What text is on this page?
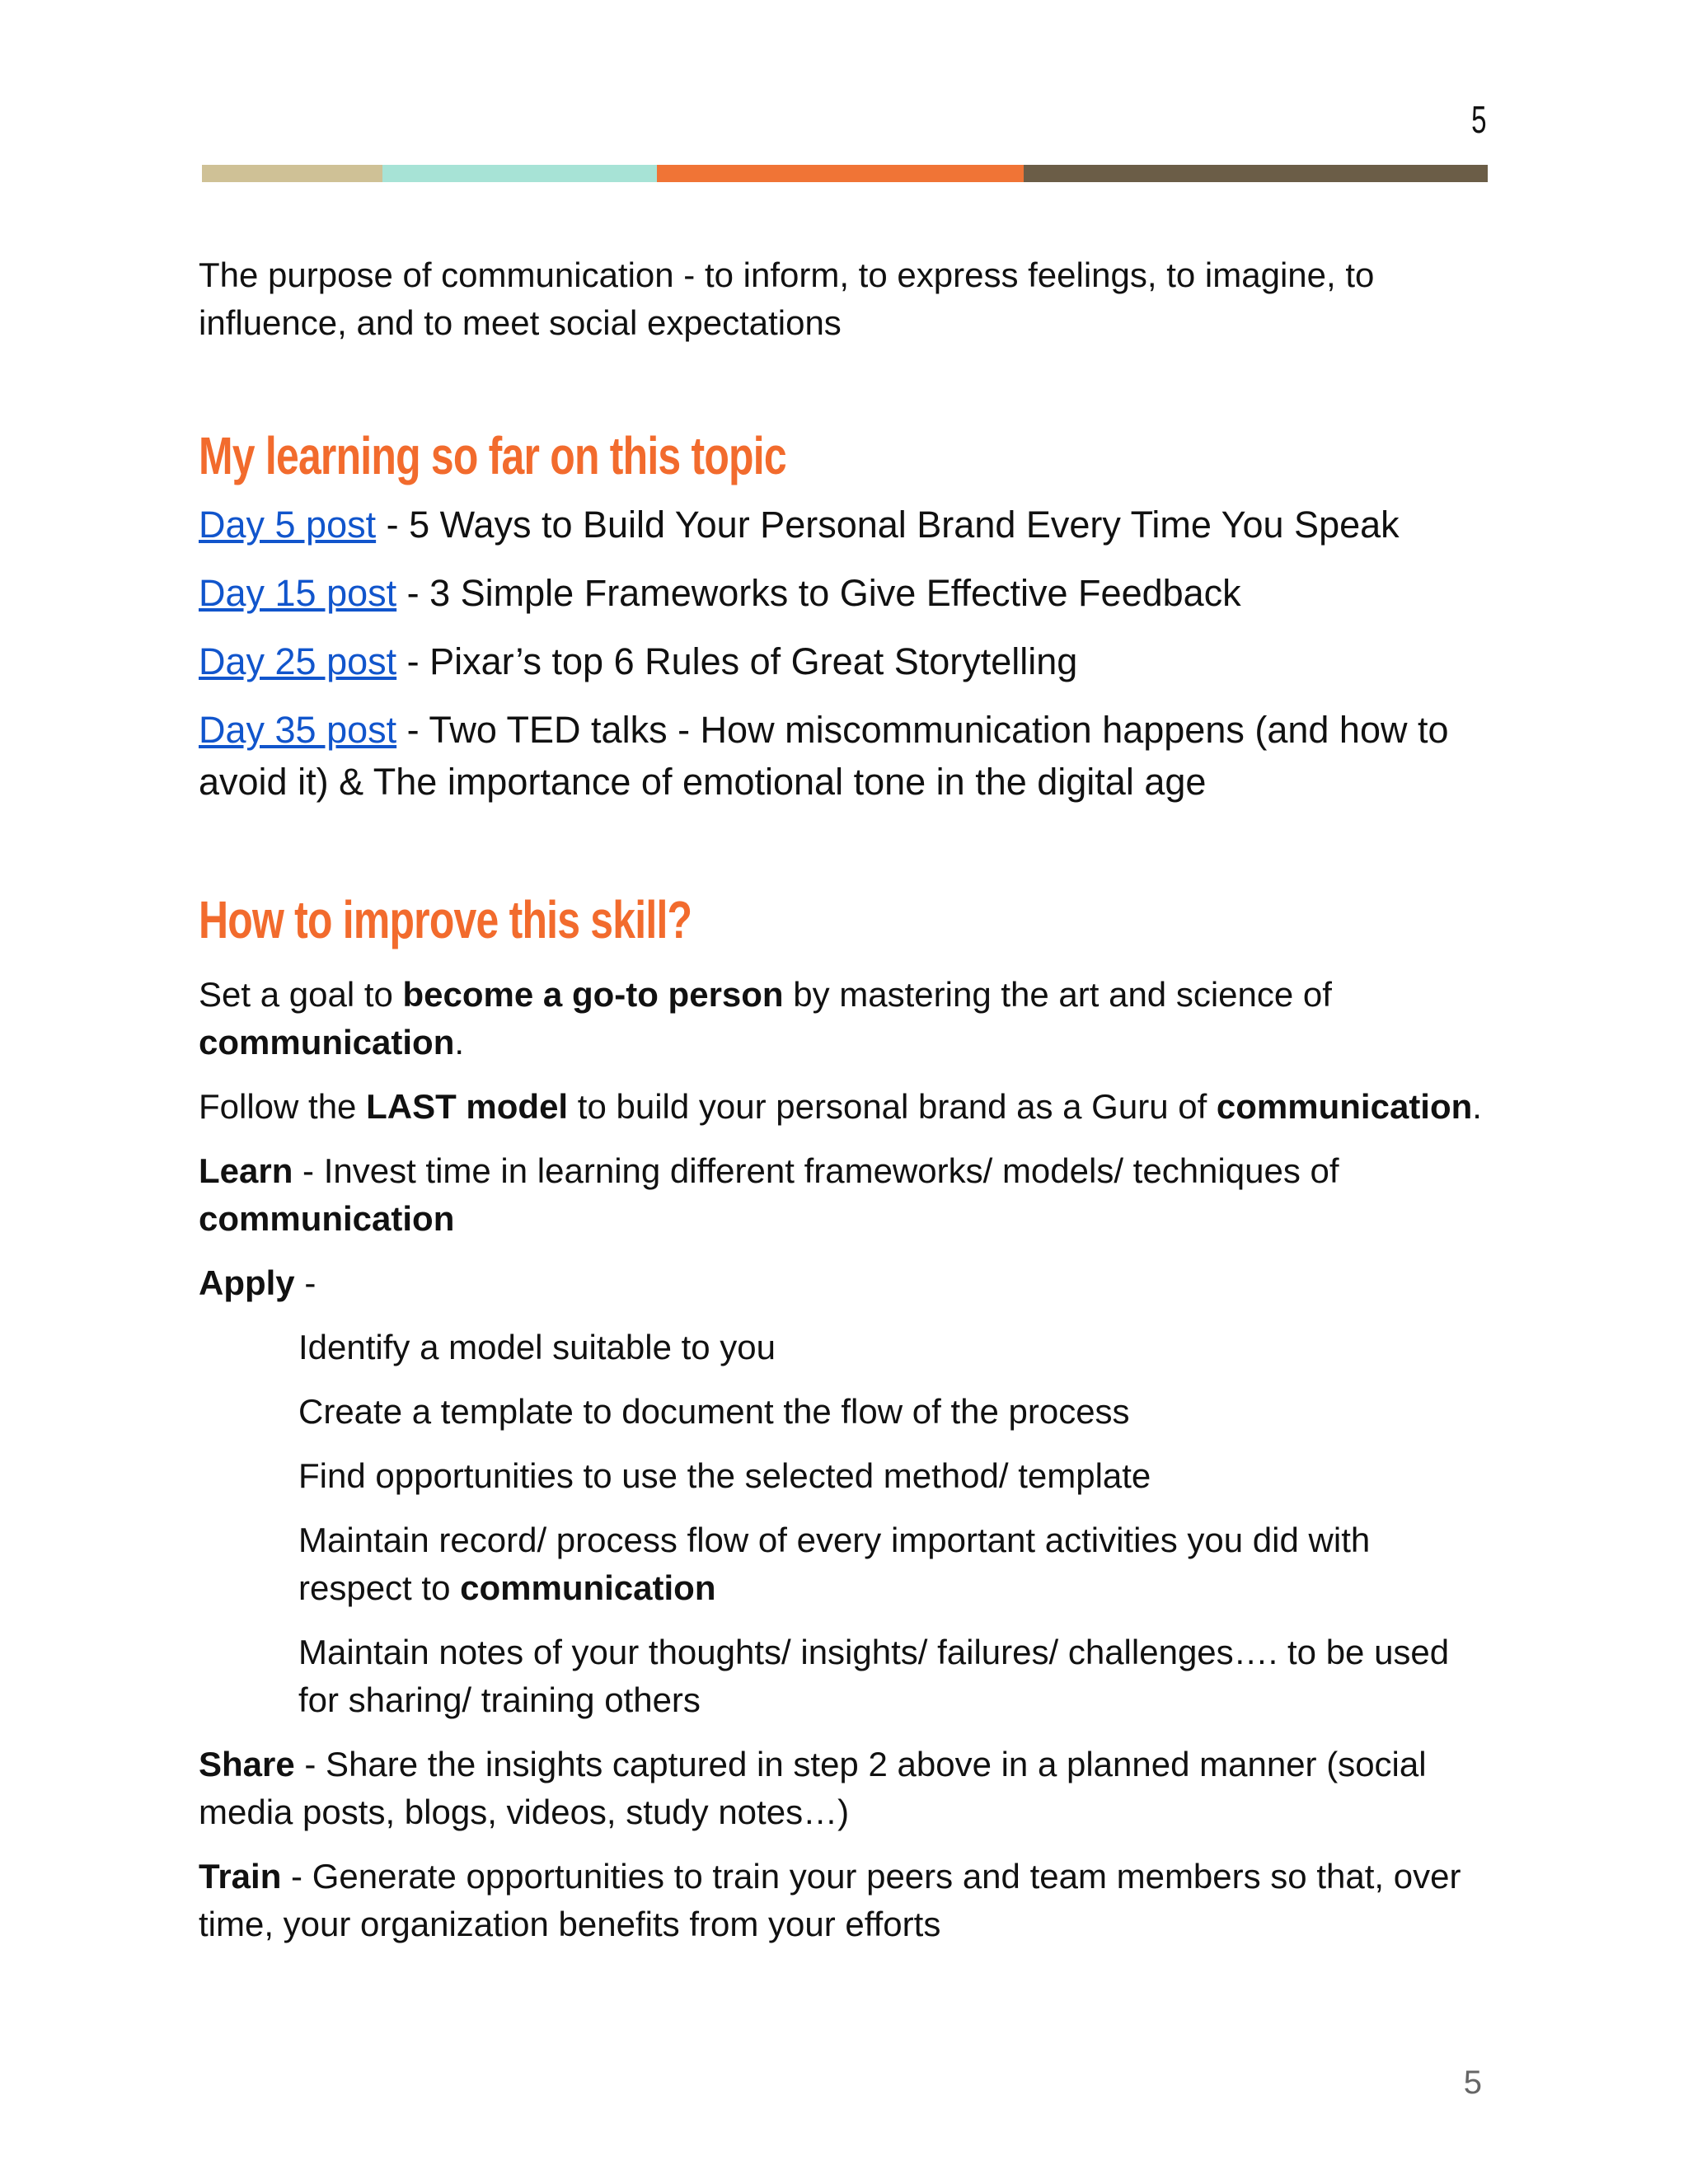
5

The purpose of communication - to inform, to express feelings, to imagine, to influence, and to meet social expectations

My learning so far on this topic

Day 5 post - 5 Ways to Build Your Personal Brand Every Time You Speak

Day 15 post - 3 Simple Frameworks to Give Effective Feedback

Day 25 post - Pixar’s top 6 Rules of Great Storytelling

Day 35 post - Two TED talks - How miscommunication happens (and how to avoid it) & The importance of emotional tone in the digital age

How to improve this skill?

Set a goal to become a go-to person by mastering the art and science of communication.

Follow the LAST model to build your personal brand as a Guru of communication.

Learn - Invest time in learning different frameworks/ models/ techniques of communication

Apply -

Identify a model suitable to you

Create a template to document the flow of the process

Find opportunities to use the selected method/ template

Maintain record/ process flow of every important activities you did with respect to communication

Maintain notes of your thoughts/ insights/ failures/ challenges…. to be used for sharing/ training others

Share - Share the insights captured in step 2 above in a planned manner (social media posts, blogs, videos, study notes…)

Train - Generate opportunities to train your peers and team members so that, over time, your organization benefits from your efforts

5
